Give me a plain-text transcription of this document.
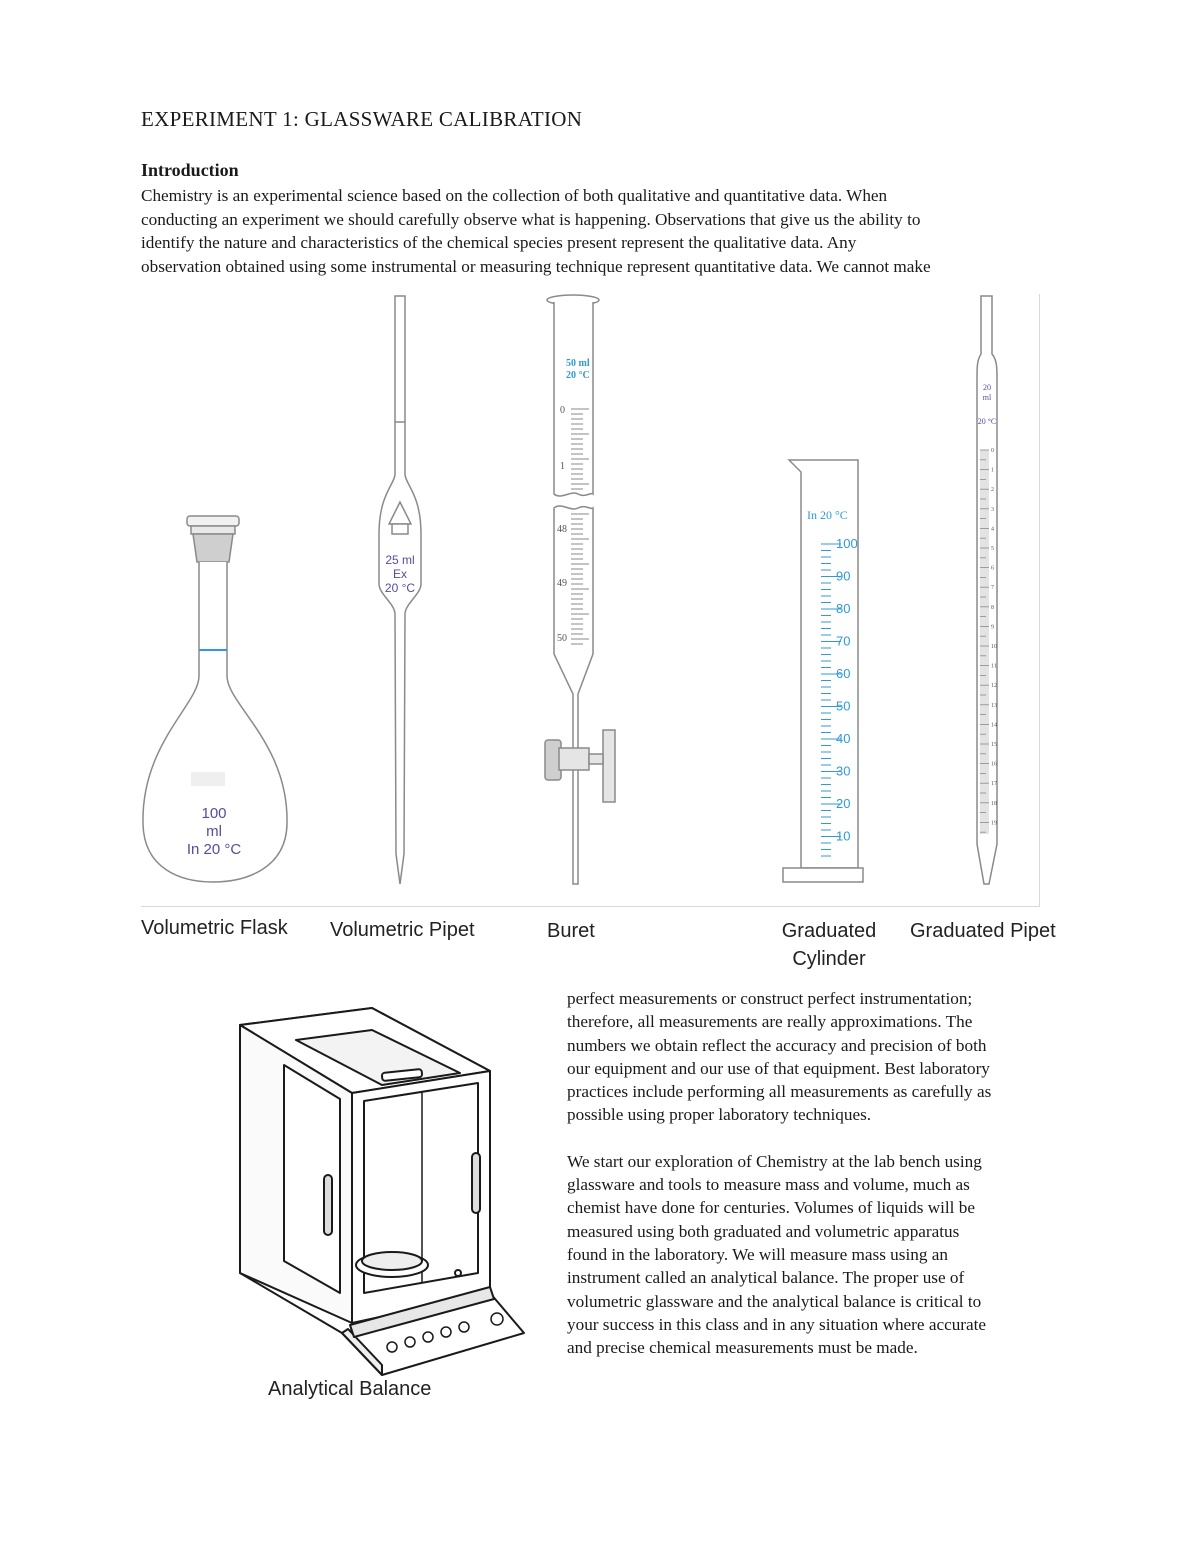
EXPERIMENT 1: GLASSWARE CALIBRATION
Introduction
Chemistry is an experimental science based on the collection of both qualitative and quantitative data. When
conducting an experiment we should carefully observe what is happening. Observations that give us the ability to
identify the nature and characteristics of the chemical species present represent the qualitative data. Any
observation obtained using some instrumental or measuring technique represent quantitative data. We cannot make
100
ml
In 20 °C
25 ml
Ex
20 °C
50 ml
20 °C
0
1
48
49
50
In 20 °C
100
90
80
70
60
50
40
30
20
10
20
ml
20 °C
0
1
2
3
4
5
6
7
8
9
10
11
12
13
14
15
16
17
18
19
Volumetric Flask Volumetric Pipet	Buret	Graduated
Cylinder
Graduated Pipet
Analytical Balance
perfect measurements or construct perfect instrumentation;
therefore, all measurements are really approximations. The
numbers we obtain reflect the accuracy and precision of both
our equipment and our use of that equipment. Best laboratory
practices include performing all measurements as carefully as
possible using proper laboratory techniques.
We start our exploration of Chemistry at the lab bench using
glassware and tools to measure mass and volume, much as
chemist have done for centuries. Volumes of liquids will be
measured using both graduated and volumetric apparatus
found in the laboratory. We will measure mass using an
instrument called an analytical balance. The proper use of
volumetric glassware and the analytical balance is critical to
your success in this class and in any situation where accurate
and precise chemical measurements must be made.
